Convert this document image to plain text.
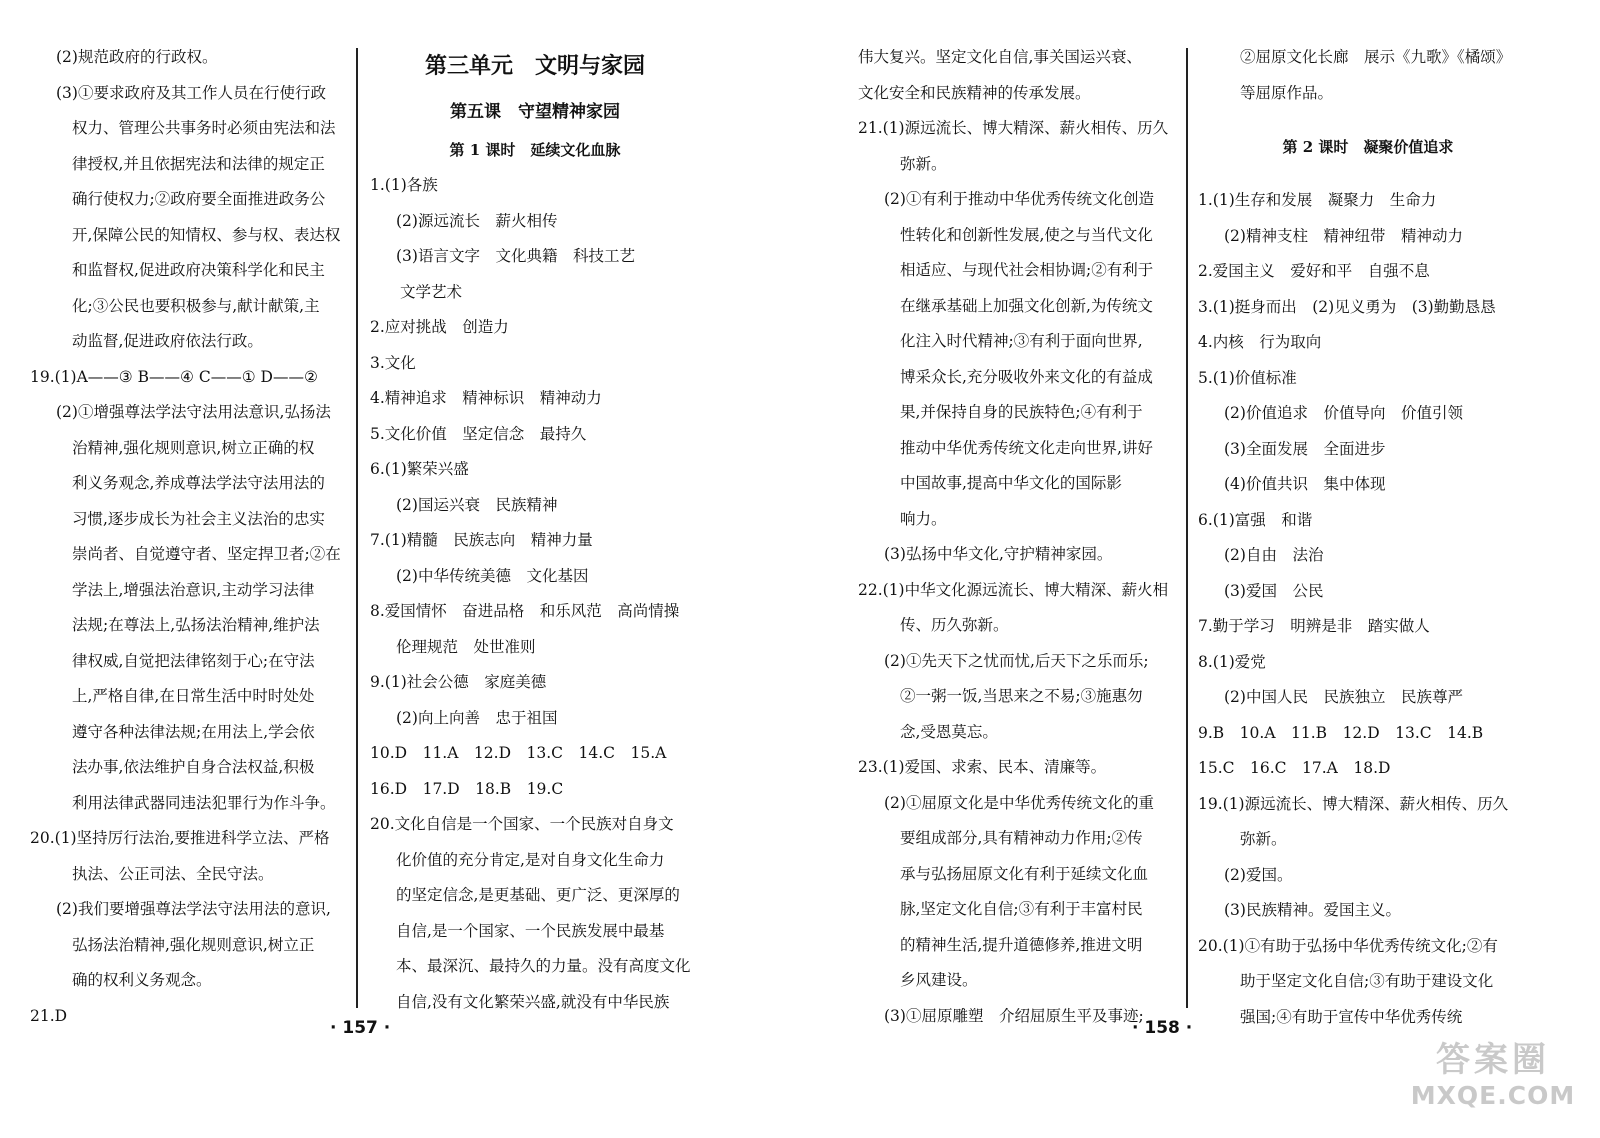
(2)规范政府的行政权。
(3)①要求政府及其工作人员在行使行政
权力、管理公共事务时必须由宪法和法
律授权,并且依据宪法和法律的规定正
确行使权力;②政府要全面推进政务公
开,保障公民的知情权、参与权、表达权
和监督权,促进政府决策科学化和民主
化;③公民也要积极参与,献计献策,主
动监督,促进政府依法行政。
19.(1)A——③ B——④ C——① D——②
(2)①增强尊法学法守法用法意识,弘扬法
治精神,强化规则意识,树立正确的权
利义务观念,养成尊法学法守法用法的
习惯,逐步成长为社会主义法治的忠实
崇尚者、自觉遵守者、坚定捍卫者;②在
学法上,增强法治意识,主动学习法律
法规;在尊法上,弘扬法治精神,维护法
律权威,自觉把法律铭刻于心;在守法
上,严格自律,在日常生活中时时处处
遵守各种法律法规;在用法上,学会依
法办事,依法维护自身合法权益,积极
利用法律武器同违法犯罪行为作斗争。
20.(1)坚持厉行法治,要推进科学立法、严格
执法、公正司法、全民守法。
(2)我们要增强尊法学法守法用法的意识,
弘扬法治精神,强化规则意识,树立正
确的权利义务观念。
21.D
第三单元　文明与家园
第五课　守望精神家园
第 1 课时　延续文化血脉
1.(1)各族
(2)源远流长　薪火相传
(3)语言文字　文化典籍　科技工艺
文学艺术
2.应对挑战　创造力
3.文化
4.精神追求　精神标识　精神动力
5.文化价值　坚定信念　最持久
6.(1)繁荣兴盛
(2)国运兴衰　民族精神
7.(1)精髓　民族志向　精神力量
(2)中华传统美德　文化基因
8.爱国情怀　奋进品格　和乐风范　高尚情操
伦理规范　处世准则
9.(1)社会公德　家庭美德
(2)向上向善　忠于祖国
10.D　11.A　12.D　13.C　14.C　15.A
16.D　17.D　18.B　19.C
20.文化自信是一个国家、一个民族对自身文
化价值的充分肯定,是对自身文化生命力
的坚定信念,是更基础、更广泛、更深厚的
自信,是一个国家、一个民族发展中最基
本、最深沉、最持久的力量。没有高度文化
自信,没有文化繁荣兴盛,就没有中华民族
· 157 ·
伟大复兴。坚定文化自信,事关国运兴衰、
文化安全和民族精神的传承发展。
21.(1)源远流长、博大精深、薪火相传、历久
弥新。
(2)①有利于推动中华优秀传统文化创造
性转化和创新性发展,使之与当代文化
相适应、与现代社会相协调;②有利于
在继承基础上加强文化创新,为传统文
化注入时代精神;③有利于面向世界,
博采众长,充分吸收外来文化的有益成
果,并保持自身的民族特色;④有利于
推动中华优秀传统文化走向世界,讲好
中国故事,提高中华文化的国际影
响力。
(3)弘扬中华文化,守护精神家园。
22.(1)中华文化源远流长、博大精深、薪火相
传、历久弥新。
(2)①先天下之忧而忧,后天下之乐而乐;
②一粥一饭,当思来之不易;③施惠勿
念,受恩莫忘。
23.(1)爱国、求索、民本、清廉等。
(2)①屈原文化是中华优秀传统文化的重
要组成部分,具有精神动力作用;②传
承与弘扬屈原文化有利于延续文化血
脉,坚定文化自信;③有利于丰富村民
的精神生活,提升道德修养,推进文明
乡风建设。
(3)①屈原雕塑　介绍屈原生平及事迹;
②屈原文化长廊　展示《九歌》《橘颂》
等屈原作品。
第 2 课时　凝聚价值追求
1.(1)生存和发展　凝聚力　生命力
(2)精神支柱　精神纽带　精神动力
2.爱国主义　爱好和平　自强不息
3.(1)挺身而出　(2)见义勇为　(3)勤勤恳恳
4.内核　行为取向
5.(1)价值标准
(2)价值追求　价值导向　价值引领
(3)全面发展　全面进步
(4)价值共识　集中体现
6.(1)富强　和谐
(2)自由　法治
(3)爱国　公民
7.勤于学习　明辨是非　踏实做人
8.(1)爱党
(2)中国人民　民族独立　民族尊严
9.B　10.A　11.B　12.D　13.C　14.B
15.C　16.C　17.A　18.D
19.(1)源远流长、博大精深、薪火相传、历久
弥新。
(2)爱国。
(3)民族精神。爱国主义。
20.(1)①有助于弘扬中华优秀传统文化;②有
助于坚定文化自信;③有助于建设文化
强国;④有助于宣传中华优秀传统
· 158 ·
答案圈
MXQE.COM
